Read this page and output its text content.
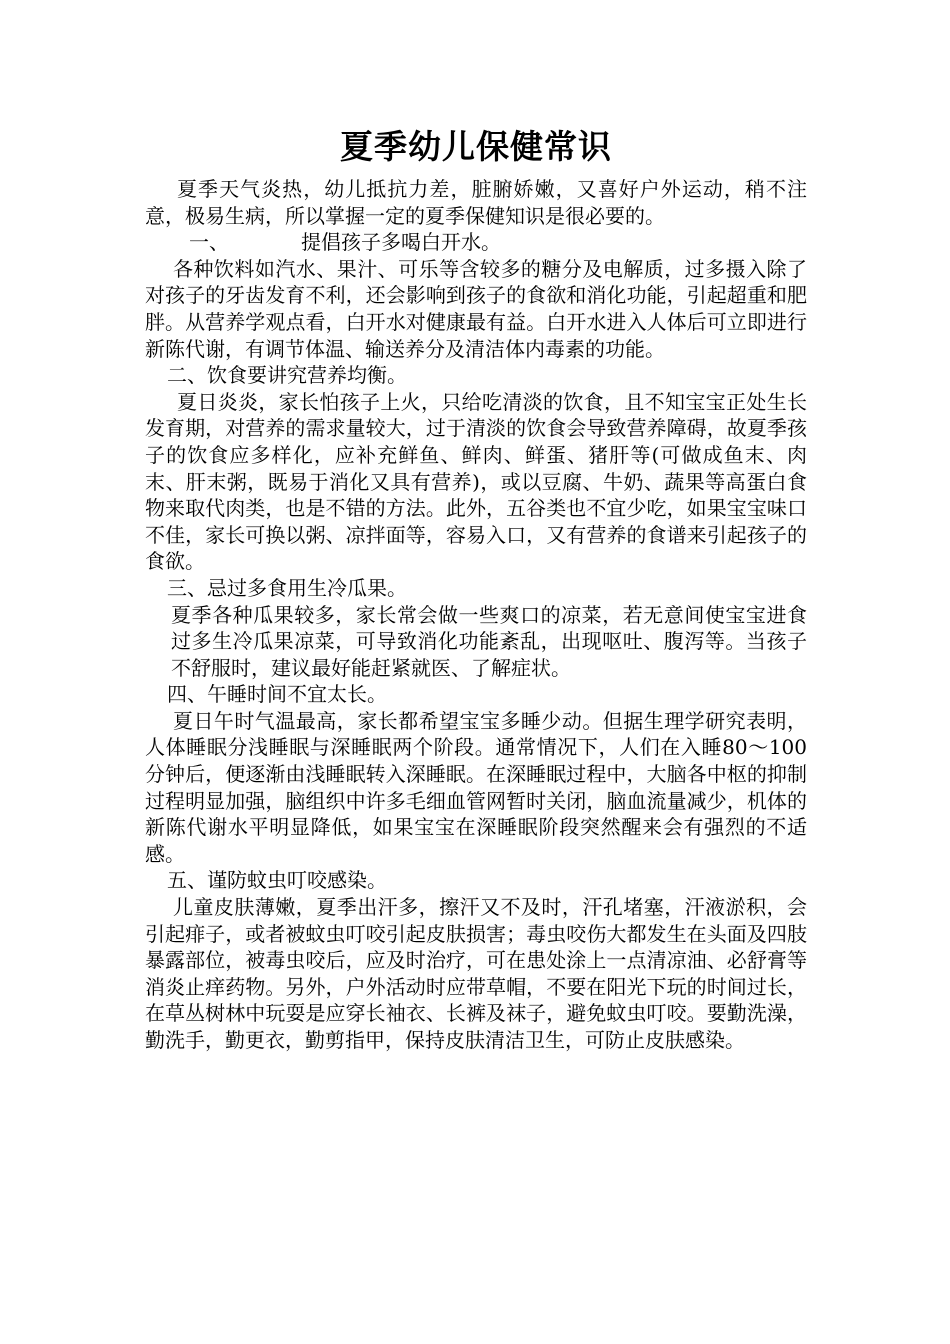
夏季幼儿保健常识

夏季天气炎热，幼儿抵抗力差，脏腑娇嫩，又喜好户外运动，稍不注意，极易生病，所以掌握一定的夏季保健知识是很必要的。

一、	提倡孩子多喝白开水。

各种饮料如汽水、果汁、可乐等含较多的糖分及电解质，过多摄入除了对孩子的牙齿发育不利，还会影响到孩子的食欲和消化功能，引起超重和肥胖。从营养学观点看，白开水对健康最有益。白开水进入人体后可立即进行新陈代谢，有调节体温、输送养分及清洁体内毒素的功能。

二、饮食要讲究营养均衡。

夏日炎炎，家长怕孩子上火，只给吃清淡的饮食，且不知宝宝正处生长发育期，对营养的需求量较大，过于清淡的饮食会导致营养障碍，故夏季孩子的饮食应多样化，应补充鲜鱼、鲜肉、鲜蛋、猪肝等(可做成鱼末、肉末、肝末粥，既易于消化又具有营养)，或以豆腐、牛奶、蔬果等高蛋白食物来取代肉类，也是不错的方法。此外，五谷类也不宜少吃，如果宝宝味口不佳，家长可换以粥、凉拌面等，容易入口，又有营养的食谱来引起孩子的食欲。

三、忌过多食用生冷瓜果。

夏季各种瓜果较多，家长常会做一些爽口的凉菜，若无意间使宝宝进食过多生冷瓜果凉菜，可导致消化功能紊乱，出现呕吐、腹泻等。当孩子不舒服时，建议最好能赶紧就医、了解症状。

四、午睡时间不宜太长。

夏日午时气温最高，家长都希望宝宝多睡少动。但据生理学研究表明，人体睡眠分浅睡眠与深睡眠两个阶段。通常情况下，人们在入睡80～100分钟后，便逐渐由浅睡眠转入深睡眠。在深睡眠过程中，大脑各中枢的抑制过程明显加强，脑组织中许多毛细血管网暂时关闭，脑血流量减少，机体的新陈代谢水平明显降低，如果宝宝在深睡眠阶段突然醒来会有强烈的不适感。

五、谨防蚊虫叮咬感染。

儿童皮肤薄嫩，夏季出汗多，擦汗又不及时，汗孔堵塞，汗液淤积，会引起痱子，或者被蚊虫叮咬引起皮肤损害；毒虫咬伤大都发生在头面及四肢暴露部位，被毒虫咬后，应及时治疗，可在患处涂上一点清凉油、必舒膏等消炎止痒药物。另外，户外活动时应带草帽，不要在阳光下玩的时间过长，在草丛树林中玩耍是应穿长袖衣、长裤及袜子，避免蚊虫叮咬。要勤洗澡，勤洗手，勤更衣，勤剪指甲，保持皮肤清洁卫生，可防止皮肤感染。
